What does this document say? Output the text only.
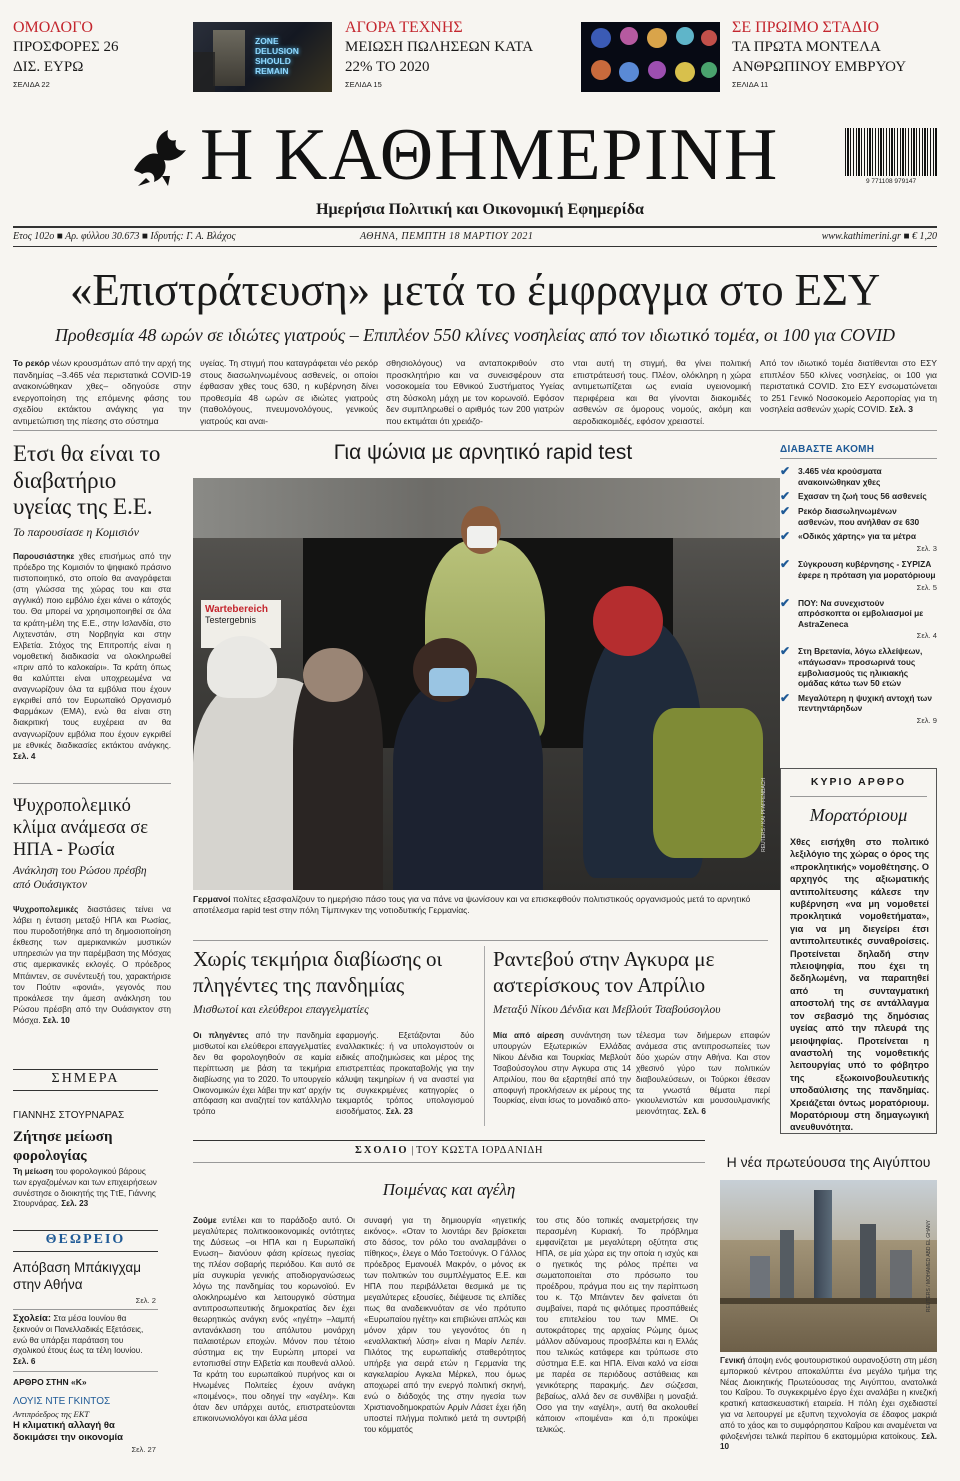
ΟΜΟΛΟΓΟ
ΠΡΟΣΦΟΡΕΣ 26 ΔΙΣ. ΕΥΡΩ
ΣΕΛΙΔΑ 22
ZONE DELUSION SHOULD REMAIN
ΑΓΟΡΑ ΤΕΧΝΗΣ
ΜΕΙΩΣΗ ΠΩΛΗΣΕΩΝ ΚΑΤΑ 22% ΤΟ 2020
ΣΕΛΙΔΑ 15
ΣΕ ΠΡΩΙΜΟ ΣΤΑΔΙΟ
ΤΑ ΠΡΩΤΑ ΜΟΝΤΕΛΑ ΑΝΘΡΩΠΙΝΟΥ ΕΜΒΡΥΟΥ
ΣΕΛΙΔΑ 11
Η ΚΑΘΗΜΕΡΙΝΗ
Ημερήσια Πολιτική και Οικονομική Εφημερίδα
9 771108 979147
Ετος 102ο ■ Αρ. φύλλου 30.673 ■ Ιδρυτής: Γ. Α. Βλάχος	ΑΘΗΝΑ, ΠΕΜΠΤΗ 18 ΜΑΡΤΙΟΥ 2021	www.kathimerini.gr ■ € 1,20
«Επιστράτευση» μετά το έμφραγμα στο ΕΣΥ
Προθεσμία 48 ωρών σε ιδιώτες γιατρούς – Επιπλέον 550 κλίνες νοσηλείας από τον ιδιωτικό τομέα, οι 100 για COVID
Το ρεκόρ νέων κρουσμάτων από την αρχή της πανδημίας –3.465 νέα περιστατικά COVID-19 ανακοινώθηκαν χθες– οδηγούσε στην ενεργοποίηση της επόμενης φάσης του σχεδίου εκτάκτου ανάγκης για την αντιμετώπιση της πίεσης στο σύστημα
υγείας. Τη στιγμή που καταγράφεται νέο ρεκόρ στους διασωληνωμένους ασθενείς, οι οποίοι έφθασαν χθες τους 630, η κυβέρνηση δίνει προθεσμία 48 ωρών σε ιδιώτες γιατρούς (παθολόγους, πνευμονολόγους, γενικούς γιατρούς και αναι-
σθησιολόγους) να ανταποκριθούν στο προσκλητήριο και να συνεισφέρουν στα νοσοκομεία του Εθνικού Συστήματος Υγείας στη δύσκολη μάχη με τον κορωνοϊό. Εφόσον δεν συμπληρωθεί ο αριθμός των 200 γιατρών που εκτιμάται ότι χρειάζο-
νται αυτή τη στιγμή, θα γίνει πολιτική επιστράτευσή τους. Πλέον, ολόκληρη η χώρα αντιμετωπίζεται ως ενιαία υγειονομική περιφέρεια και θα γίνονται διακομιδές ασθενών σε όμορους νομούς, ακόμη και αεροδιακομιδές, εφόσον χρειαστεί.
Από τον ιδιωτικό τομέα διατίθενται στο ΕΣΥ επιπλέον 550 κλίνες νοσηλείας, οι 100 για περιστατικά COVID. Στο ΕΣΥ ενσωματώνεται το 251 Γενικό Νοσοκομείο Αεροπορίας για τη νοσηλεία ασθενών χωρίς COVID. Σελ. 3
Ετσι θα είναι το διαβατήριο υγείας της Ε.Ε.
Το παρουσίασε η Κομισιόν
Παρουσιάστηκε χθες επισήμως από την πρόεδρο της Κομισιόν το ψηφιακό πράσινο πιστοποιητικό, στο οποίο θα αναγράφεται (στη γλώσσα της χώρας του και στα αγγλικά) ποιο εμβόλιο έχει κάνει ο κάτοχός του. Θα μπορεί να χρησιμοποιηθεί σε όλα τα κράτη-μέλη της Ε.Ε., στην Ισλανδία, στο Λιχτενστάιν, στη Νορβηγία και στην Ελβετία. Στόχος της Επιτροπής είναι η νομοθετική διαδικασία να ολοκληρωθεί «πριν από το καλοκαίρι». Τα κράτη όπως θα καλύπτει είναι υποχρεωμένα να αναγνωρίζουν όλα τα εμβόλια που έχουν εγκριθεί από τον Ευρωπαϊκό Οργανισμό Φαρμάκων (EMA), ενώ θα είναι στη διακριτική τους ευχέρεια αν θα αναγνωρίζουν εμβόλια που έχουν εγκριθεί με εθνικές διαδικασίες εκτάκτου ανάγκης. Σελ. 4
Ψυχροπολεμικό κλίμα ανάμεσα σε ΗΠΑ - Ρωσία
Ανάκληση του Ρώσου πρέσβη από Ουάσιγκτον
Ψυχροπολεμικές διαστάσεις τείνει να λάβει η ένταση μεταξύ ΗΠΑ και Ρωσίας, που πυροδοτήθηκε από τη δημοσιοποίηση έκθεσης των αμερικανικών μυστικών υπηρεσιών για την παρέμβαση της Μόσχας στις αμερικανικές εκλογές. Ο πρόεδρος Μπάιντεν, σε συνέντευξή του, χαρακτήρισε τον Πούτιν «φονιά», γεγονός που προκάλεσε την άμεση ανάκληση του Ρώσου πρέσβη από την Ουάσιγκτον στη Μόσχα. Σελ. 10
ΣΗΜΕΡΑ
ΓΙΑΝΝΗΣ ΣΤΟΥΡΝΑΡΑΣ
Ζήτησε μείωση φορολογίας
Τη μείωση του φορολογικού βάρους των εργαζομένων και των επιχειρήσεων συνέστησε ο διοικητής της ΤτΕ, Γιάννης Στουρνάρας. Σελ. 23
ΘΕΩΡΕΙΟ
Απόβαση Μπάκιγχαμ στην Αθήνα
Σελ. 2
Σχολεία: Στα μέσα Ιουνίου θα ξεκινούν οι Πανελλαδικές Εξετάσεις, ενώ θα υπάρξει παράταση του σχολικού έτους έως τα τέλη Ιουνίου. Σελ. 6
ΑΡΘΡΟ ΣΤΗΝ «Κ»
ΛΟΥΙΣ ΝΤΕ ΓΚΙΝΤΟΣ
Αντιπρόεδρος της ΕΚΤ
Η κλιματική αλλαγή θα δοκιμάσει την οικονομία
Σελ. 27
Για ψώνια με αρνητικό rapid test
Wartebereich
Testergebnis
REUTERS / KAI PFAFFENBACH
Γερμανοί πολίτες εξασφαλίζουν το ημερήσιο πάσο τους για να πάνε να ψωνίσουν και να επισκεφθούν πολιτιστικούς οργανισμούς μετά το αρνητικό αποτέλεσμα rapid test στην πόλη Τίμπινγκεν της νοτιοδυτικής Γερμανίας.
ΔΙΑΒΑΣΤΕ ΑΚΟΜΗ
✔ 3.465 νέα κρούσματα ανακοινώθηκαν χθες
✔ Εχασαν τη ζωή τους 56 ασθενείς
✔ Ρεκόρ διασωληνωμένων ασθενών, που ανήλθαν σε 630
✔ «Οδικός χάρτης» για τα μέτρα
Σελ. 3
✔ Σύγκρουση κυβέρνησης - ΣΥΡΙΖΑ έφερε η πρόταση για μορατόριουμ
Σελ. 5
✔ ΠΟΥ: Να συνεχιστούν απρόσκοπτα οι εμβολιασμοί με AstraZeneca
Σελ. 4
✔ Στη Βρετανία, λόγω ελλείψεων, «πάγωσαν» προσωρινά τους εμβολιασμούς τις ηλικιακής ομάδας κάτω των 50 ετών
✔ Μεγαλύτερη η ψυχική αντοχή των πεντηντάρηδων
Σελ. 9
ΚΥΡΙΟ ΑΡΘΡΟ
Μορατόριουμ
Χθες εισήχθη στο πολιτικό λεξιλόγιο της χώρας ο όρος της «προκλητικής» νομοθέτησης. Ο αρχηγός της αξιωματικής αντιπολίτευσης κάλεσε την κυβέρνηση «να μη νομοθετεί προκλητικά νομοθετήματα», για να μη διεγείρει έτσι αντιπολιτευτικές συναθροίσεις. Προτείνεται δηλαδή στην πλειοψηφία, που έχει τη δεδηλωμένη, να παραιτηθεί από τη συνταγματική αποστολή της σε αντάλλαγμα τον σεβασμό της δημόσιας υγείας από την πλευρά της μειοψηφίας. Προτείνεται η αναστολή της νομοθετικής λειτουργίας υπό το φόβητρο της εξωκοινοβουλευτικής υποδαύλισης της πανδημίας. Χρειάζεται όντως μορατόριουμ. Μορατόριουμ στη δημαγωγική ανευθυνότητα.
Χωρίς τεκμήρια διαβίωσης οι πληγέντες της πανδημίας
Μισθωτοί και ελεύθεροι επαγγελματίες
Οι πληγέντες από την πανδημία μισθωτοί και ελεύθεροι επαγγελματίες δεν θα φορολογηθούν σε καμία περίπτωση με βάση τα τεκμήρια διαβίωσης για το 2020. Το υπουργείο Οικονομικών έχει λάβει την κατ' αρχήν απόφαση και αναζητεί τον κατάλληλο τρόπο
εφαρμογής. Εξετάζονται δύο εναλλακτικές: ή να υπολογιστούν οι ειδικές αποζημιώσεις και μέρος της επιστρεπτέας προκαταβολής για την κάλυψη τεκμηρίων ή να αναστεί για τις συγκεκριμένες κατηγορίες ο τεκμαρτός τρόπος υπολογισμού εισοδήματος. Σελ. 23
Ραντεβού στην Αγκυρα με αστερίσκους τον Απρίλιο
Μεταξύ Νίκου Δένδια και Μεβλούτ Τσαβούσογλου
Μία από αίρεση συνάντηση των υπουργών Εξωτερικών Ελλάδας Νίκου Δένδια και Τουρκίας Μεβλούτ Τσαβούσογλου στην Αγκυρα στις 14 Απριλίου, που θα εξαρτηθεί από την αποφυγή προκλήσεων εκ μέρους της Τουρκίας, είναι ίσως το μοναδικό απο-
τέλεσμα των διήμερων επαφών ανάμεσα στις αντιπροσωπείες των δύο χωρών στην Αθήνα. Και στον χθεσινό γύρο των πολιτικών διαβουλεύσεων, οι Τούρκοι έθεσαν τα γνωστά θέματα περί γκιουλενιστών και μουσουλμανικής μειονότητας. Σελ. 6
ΣΧΟΛΙΟ | ΤΟΥ ΚΩΣΤΑ ΙΟΡΔΑΝΙΔΗ
Ποιμένας και αγέλη
Ζούμε εντέλει και το παράδοξο αυτό. Οι μεγαλύτερες πολιτικοοικονομικές οντότητες της Δύσεως –οι ΗΠΑ και η Ευρωπαϊκή Ενωση– διανύουν φάση κρίσεως ηγεσίας της πλέον σοβαρής περιόδου. Και αυτό σε μία συγκυρία γενικής αποδιοργανώσεως λόγω της πανδημίας του κορωνοϊού. Εν ολοκληρωμένο και λειτουργικό σύστημα αντιπροσωπευτικής δημοκρατίας δεν έχει θεωρητικώς ανάγκη ενός «ηγέτη» –λαμπή αντανάκλαση του απόλυτου μονάρχη παλαιοτέρων εποχών. Μόνον που τέτοιο σύστημα εις την Ευρώπη μπορεί να εντοπισθεί στην Ελβετία και πουθενά αλλού. Τα κράτη του ευρωπαϊκού πυρήνος και οι Ηνωμένες Πολιτείες έχουν ανάγκη «ποιμένος», που οδηγεί την «αγέλη». Και όταν δεν υπάρχει αυτός, επιστρατεύονται επικοινωνιολόγοι και άλλα μέσα
συναφή για τη δημιουργία «ηγετικής εικόνος». «Οταν το λιοντάρι δεν βρίσκεται στο δάσος, τον ρόλο του αναλαμβάνει ο πίθηκος», έλεγε ο Μάο Τσετούνγκ. Ο Γάλλος πρόεδρος Εμανουέλ Μακρόν, ο μόνος εκ των πολιτικών του συμπλέγματος Ε.Ε. και ΗΠΑ που περιβάλλεται θεσμικά με τις μεγαλύτερες εξουσίες, διέψευσε τις ελπίδες πως θα αναδεικνυόταν σε νέο πρότυπο «Ευρωπαίου ηγέτη» και επιβιώνει απλώς και μόνον χάριν του γεγονότος ότι η «εναλλακτική λύση» είναι η Μαρίν Λεπέν. Πιλότος της ευρωπαϊκής σταθερότητος υπήρξε για σειρά ετών η Γερμανία της καγκελαρίου Αγκελα Μέρκελ, που όμως αποχωρεί από την ενεργό πολιτική σκηνή, ενώ ο διάδοχός της στην ηγεσία των Χριστιανοδημοκρατών Αρμίν Λάσετ έχει ήδη υποστεί πλήγμα πολιτικό μετά τη συντριβή του κόμματός
του στις δύο τοπικές αναμετρήσεις την περασμένη Κυριακή. Το πρόβλημα εμφανίζεται με μεγαλύτερη οξύτητα στις ΗΠΑ, σε μία χώρα εις την οποία η ισχύς και ο ηγετικός της ρόλος πρέπει να σωματοποιείται στο πρόσωπο του προέδρου, πράγμα που εις την περίπτωση του κ. Τζο Μπάιντεν δεν φαίνεται ότι συμβαίνει, παρά τις φιλότιμες προσπάθειές του επιτελείου του των ΜΜΕ. Οι αυτοκράτορες της αρχαίας Ρώμης όμως μάλλον αδύναμους προσβλέπει και η Ελλάς που τελικώς κατάφερε και τρύπωσε στο σύστημα Ε.Ε. και ΗΠΑ. Είναι καλό να είσαι με παρέα σε περιόδους αστάθειας και γενικότερης παρακμής. Δεν σώζεσαι, βεβαίως, αλλά δεν σε συνθλίβει η μοναξιά. Οσο για την «αγέλη», αυτή θα ακολουθεί κάποιον «ποιμένα» και ό,τι προκύψει τελικώς.
Η νέα πρωτεύουσα της Αιγύπτου
REUTERS / MOHAMED ABD EL GHANY
Γενική άποψη ενός φουτουριστικού ουρανοξύστη στη μέση εμπορικού κέντρου αποκαλύπτει ένα μεγάλο τμήμα της Νέας Διοικητικής Πρωτεύουσας της Αιγύπτου, ανατολικά του Καΐρου. Το συγκεκριμένο έργο έχει αναλάβει η κινεζική κρατική κατασκευαστική εταιρεία. Η πόλη έχει σχεδιαστεί για να λειτουργεί με εξυπνη τεχνολογία σε έδαφος μακριά από το χάος και το συμφόρησιτου Καΐρου και αναμένεται να φιλοξενήσει τελικά περίπου 6 εκατομμύρια κατοίκους. Σελ. 10
